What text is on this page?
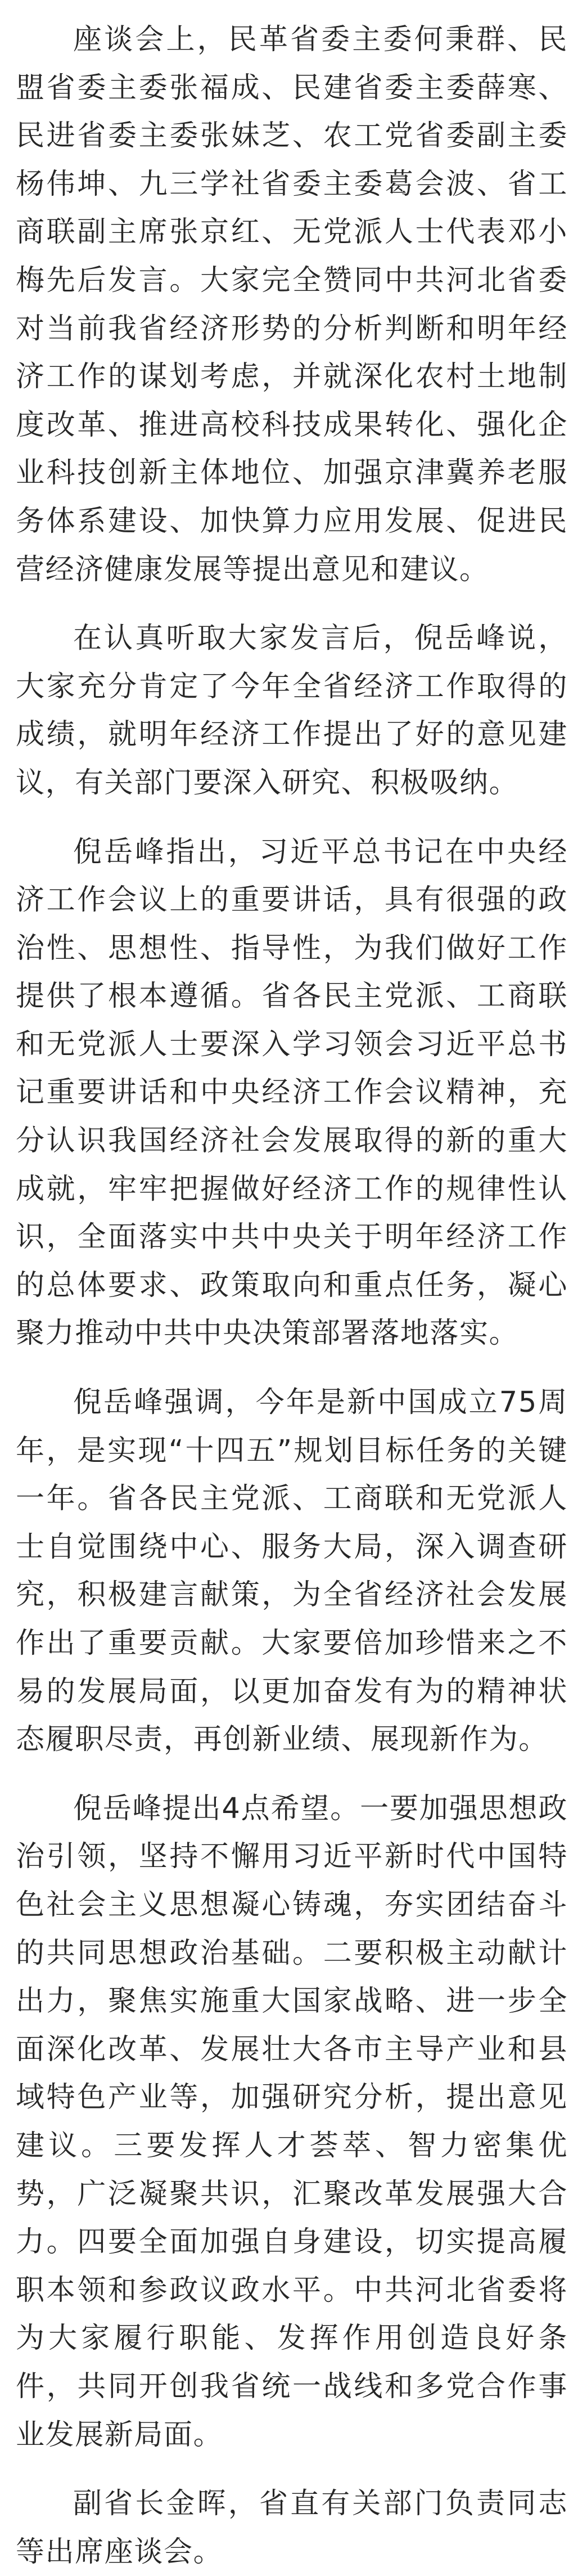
座谈会上，民革省委主委何秉群、民盟省委主委张福成、民建省委主委薛寒、民进省委主委张妹芝、农工党省委副主委杨伟坤、九三学社省委主委葛会波、省工商联副主席张京红、无党派人士代表邓小梅先后发言。大家完全赞同中共河北省委对当前我省经济形势的分析判断和明年经济工作的谋划考虑，并就深化农村土地制度改革、推进高校科技成果转化、强化企业科技创新主体地位、加强京津冀养老服务体系建设、加快算力应用发展、促进民营经济健康发展等提出意见和建议。

在认真听取大家发言后，倪岳峰说，大家充分肯定了今年全省经济工作取得的成绩，就明年经济工作提出了好的意见建议，有关部门要深入研究、积极吸纳。

倪岳峰指出，习近平总书记在中央经济工作会议上的重要讲话，具有很强的政治性、思想性、指导性，为我们做好工作提供了根本遵循。省各民主党派、工商联和无党派人士要深入学习领会习近平总书记重要讲话和中央经济工作会议精神，充分认识我国经济社会发展取得的新的重大成就，牢牢把握做好经济工作的规律性认识，全面落实中共中央关于明年经济工作的总体要求、政策取向和重点任务，凝心聚力推动中共中央决策部署落地落实。

倪岳峰强调，今年是新中国成立75周年，是实现“十四五”规划目标任务的关键一年。省各民主党派、工商联和无党派人士自觉围绕中心、服务大局，深入调查研究，积极建言献策，为全省经济社会发展作出了重要贡献。大家要倍加珍惜来之不易的发展局面，以更加奋发有为的精神状态履职尽责，再创新业绩、展现新作为。

倪岳峰提出4点希望。一要加强思想政治引领，坚持不懈用习近平新时代中国特色社会主义思想凝心铸魂，夯实团结奋斗的共同思想政治基础。二要积极主动献计出力，聚焦实施重大国家战略、进一步全面深化改革、发展壮大各市主导产业和县域特色产业等，加强研究分析，提出意见建议。三要发挥人才荟萃、智力密集优势，广泛凝聚共识，汇聚改革发展强大合力。四要全面加强自身建设，切实提高履职本领和参政议政水平。中共河北省委将为大家履行职能、发挥作用创造良好条件，共同开创我省统一战线和多党合作事业发展新局面。

副省长金晖，省直有关部门负责同志等出席座谈会。
